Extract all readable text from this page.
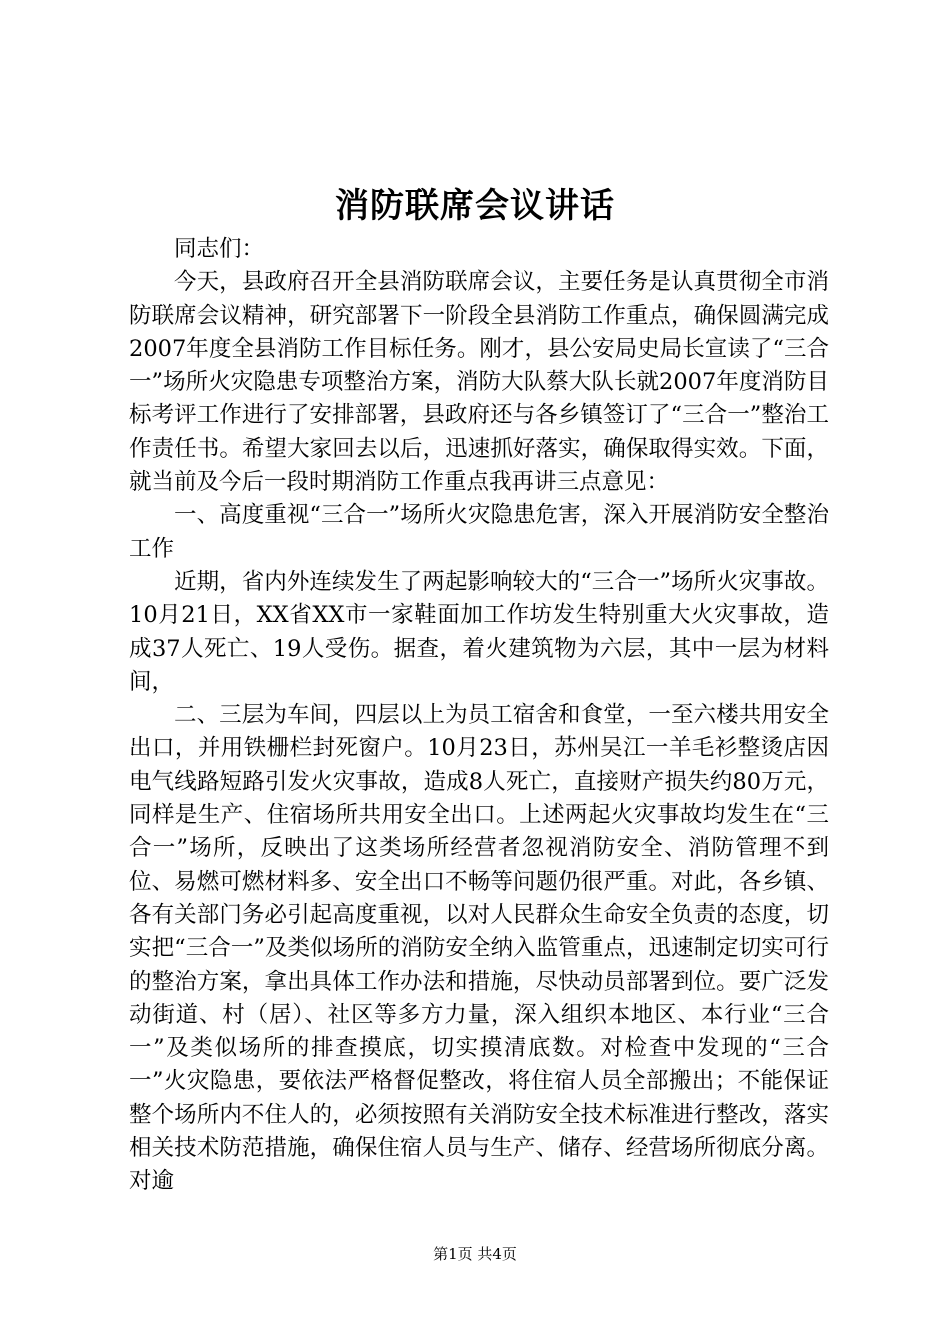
消防联席会议讲话

同志们：

今天，县政府召开全县消防联席会议，主要任务是认真贯彻全市消防联席会议精神，研究部署下一阶段全县消防工作重点，确保圆满完成2007年度全县消防工作目标任务。刚才，县公安局史局长宣读了“三合一”场所火灾隐患专项整治方案，消防大队蔡大队长就2007年度消防目标考评工作进行了安排部署，县政府还与各乡镇签订了“三合一”整治工作责任书。希望大家回去以后，迅速抓好落实，确保取得实效。下面，就当前及今后一段时期消防工作重点我再讲三点意见：

一、高度重视“三合一”场所火灾隐患危害，深入开展消防安全整治工作

近期，省内外连续发生了两起影响较大的“三合一”场所火灾事故。10月21日，XX省XX市一家鞋面加工作坊发生特别重大火灾事故，造成37人死亡、19人受伤。据查，着火建筑物为六层，其中一层为材料间，

二、三层为车间，四层以上为员工宿舍和食堂，一至六楼共用安全出口，并用铁栅栏封死窗户。10月23日，苏州吴江一羊毛衫整烫店因电气线路短路引发火灾事故，造成8人死亡，直接财产损失约80万元，同样是生产、住宿场所共用安全出口。上述两起火灾事故均发生在“三合一”场所，反映出了这类场所经营者忽视消防安全、消防管理不到位、易燃可燃材料多、安全出口不畅等问题仍很严重。对此，各乡镇、各有关部门务必引起高度重视，以对人民群众生命安全负责的态度，切实把“三合一”及类似场所的消防安全纳入监管重点，迅速制定切实可行的整治方案，拿出具体工作办法和措施，尽快动员部署到位。要广泛发动街道、村（居）、社区等多方力量，深入组织本地区、本行业“三合一”及类似场所的排查摸底，切实摸清底数。对检查中发现的“三合一”火灾隐患，要依法严格督促整改，将住宿人员全部搬出；不能保证整个场所内不住人的，必须按照有关消防安全技术标准进行整改，落实相关技术防范措施，确保住宿人员与生产、储存、经营场所彻底分离。对逾

第1页 共4页
